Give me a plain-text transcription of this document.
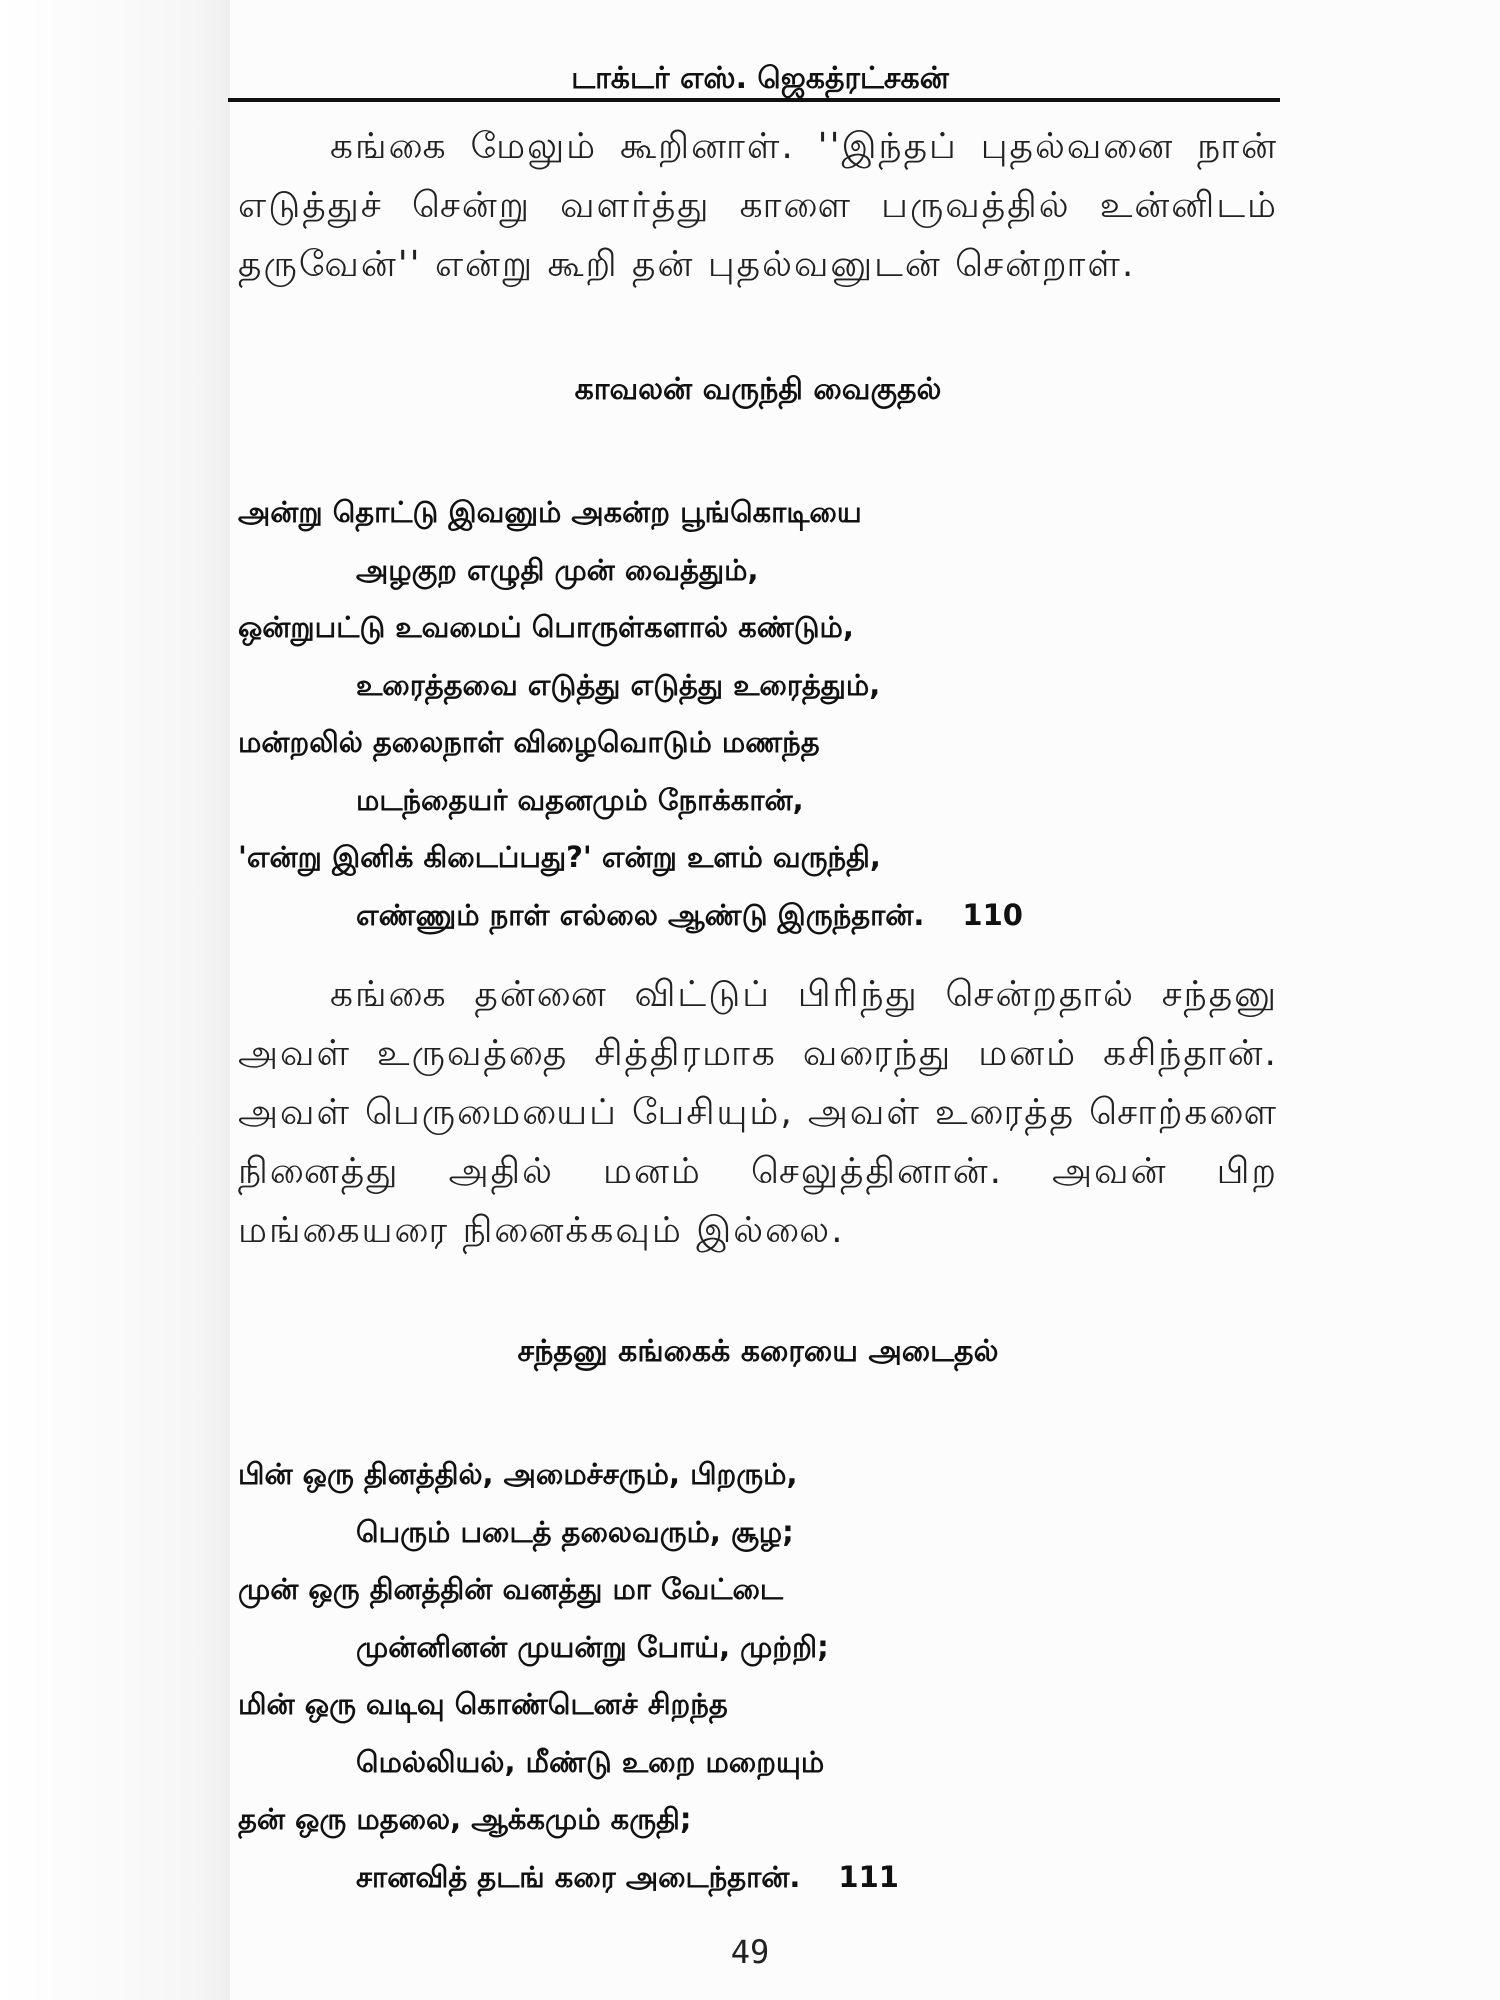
டாக்டர் எஸ். ஜெகத்ரட்சகன்

கங்கை மேலும் கூறினாள். ''இந்தப் புதல்வனை நான் எடுத்துச் சென்று வளர்த்து காளை பருவத்தில் உன்னிடம் தருவேன்'' என்று கூறி தன் புதல்வனுடன் சென்றாள்.

காவலன் வருந்தி வைகுதல்
அன்று தொட்டு இவனும் அகன்ற பூங்கொடியை
அழகுற எழுதி முன் வைத்தும்,
ஒன்றுபட்டு உவமைப் பொருள்களால் கண்டும்,
உரைத்தவை எடுத்து எடுத்து உரைத்தும்,
மன்றலில் தலைநாள் விழைவொடும் மணந்த
மடந்தையர் வதனமும் நோக்கான்,
'என்று இனிக் கிடைப்பது?' என்று உளம் வருந்தி,
எண்ணும் நாள் எல்லை ஆண்டு இருந்தான். 110

கங்கை தன்னை விட்டுப் பிரிந்து சென்றதால் சந்தனு அவள் உருவத்தை சித்திரமாக வரைந்து மனம் கசிந்தான். அவள் பெருமையைப் பேசியும், அவள் உரைத்த சொற்களை நினைத்து அதில் மனம் செலுத்தினான். அவன் பிற மங்கையரை நினைக்கவும் இல்லை.

சந்தனு கங்கைக் கரையை அடைதல்
பின் ஒரு தினத்தில், அமைச்சரும், பிறரும்,
பெரும் படைத் தலைவரும், சூழ;
முன் ஒரு தினத்தின் வனத்து மா வேட்டை
முன்னினன் முயன்று போய், முற்றி;
மின் ஒரு வடிவு கொண்டெனச் சிறந்த
மெல்லியல், மீண்டு உறை மறையும்
தன் ஒரு மதலை, ஆக்கமும் கருதி;
சானவித் தடங் கரை அடைந்தான். 111
49
